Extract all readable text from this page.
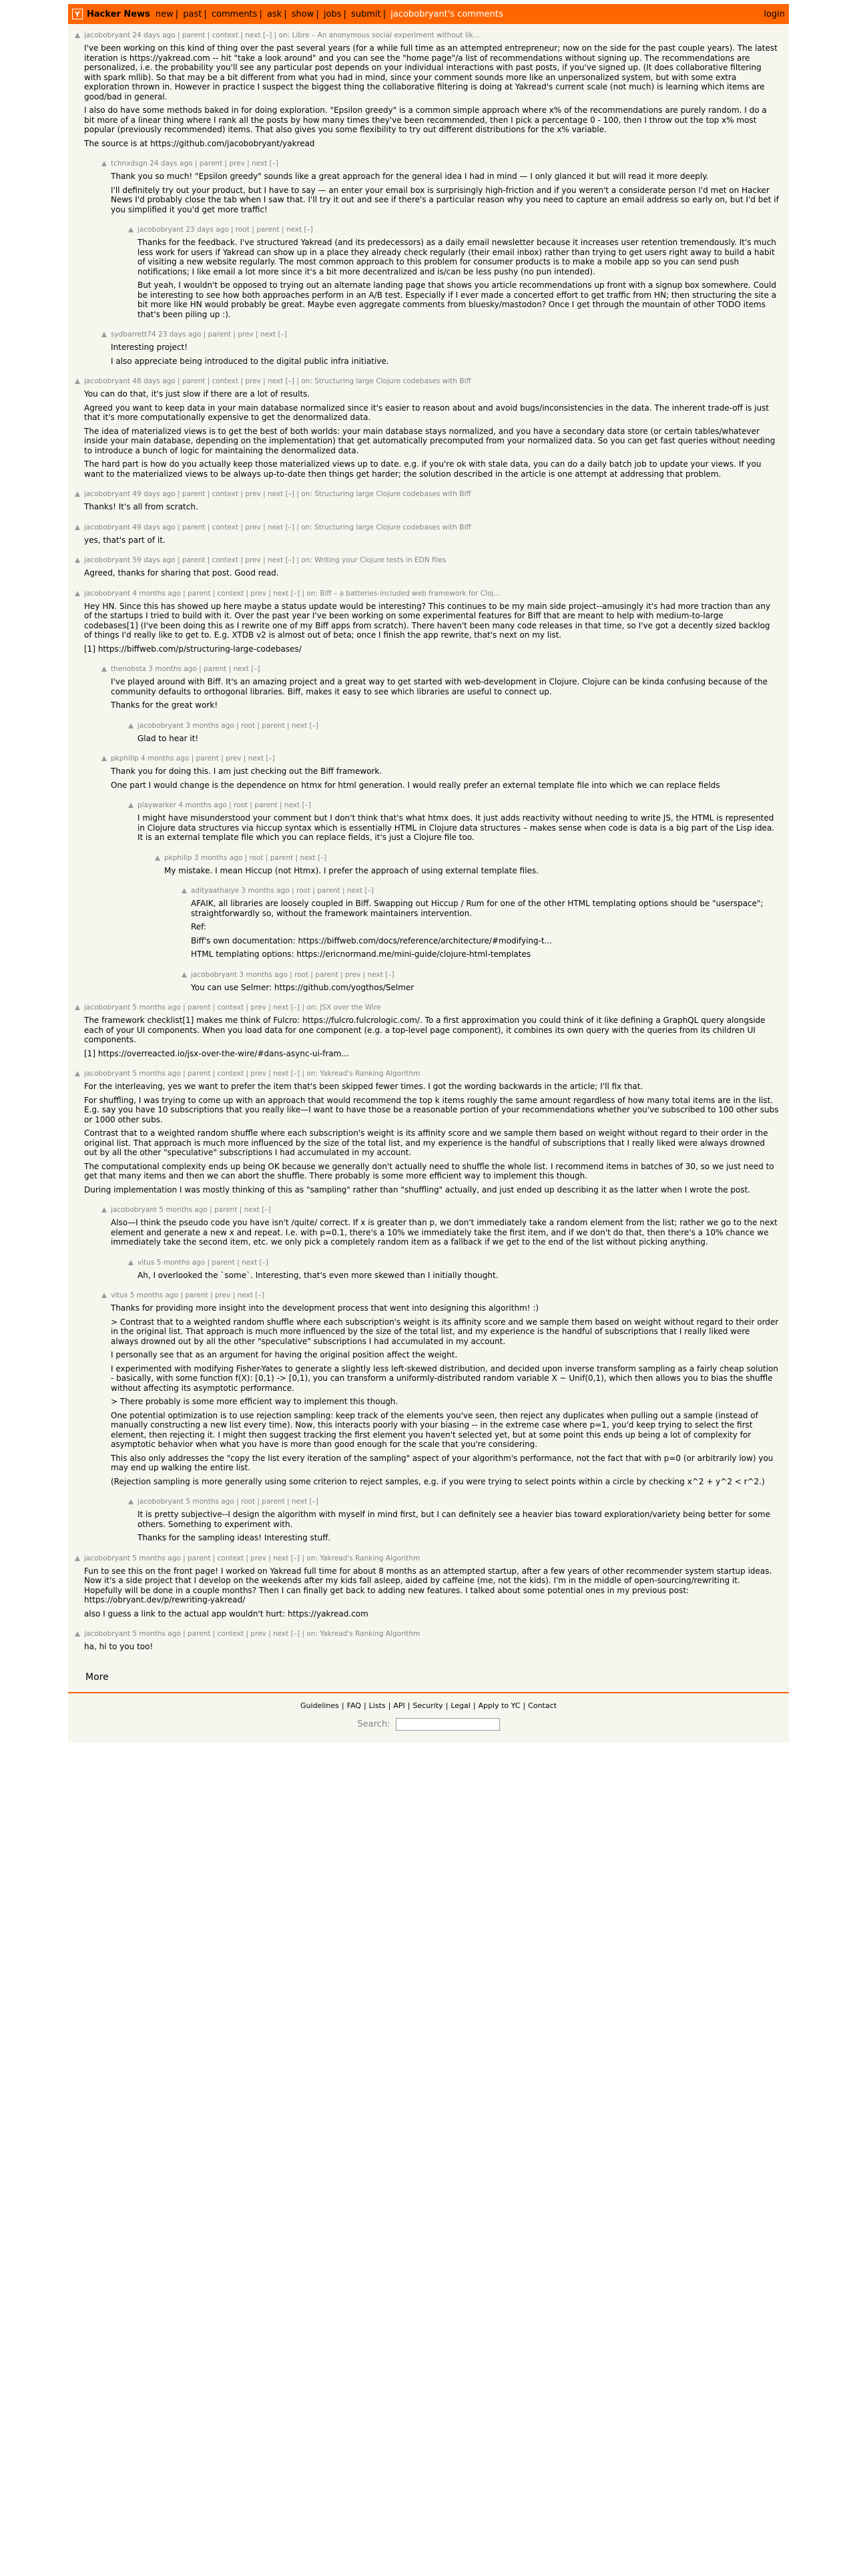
Y Hacker News new | past | comments | ask | show | jobs | submit | jacobobryant's comments	login
jacobobryant 24 days ago | parent | context | next [–] | on: Libre – An anonymous social experiment without lik...

I've been working on this kind of thing over the past several years (for a while full time as an attempted entrepreneur; now on the side for the past couple years). The latest iteration is https://yakread.com -- hit "take a look around" and you can see the "home page"/a list of recommendations without signing up. The recommendations are personalized, i.e. the probability you'll see any particular post depends on your individual interactions with past posts, if you've signed up. (It does collaborative filtering with spark mllib). So that may be a bit different from what you had in mind, since your comment sounds more like an unpersonalized system, but with some extra exploration thrown in. However in practice I suspect the biggest thing the collaborative filtering is doing at Yakread's current scale (not much) is learning which items are good/bad in general.

I also do have some methods baked in for doing exploration. "Epsilon greedy" is a common simple approach where x% of the recommendations are purely random. I do a bit more of a linear thing where I rank all the posts by how many times they've been recommended, then I pick a percentage 0 - 100, then I throw out the top x% most popular (previously recommended) items. That also gives you some flexibility to try out different distributions for the x% variable.

The source is at https://github.com/jacobobryant/yakread

tchnxdsgn 24 days ago | parent | prev | next [–]

Thank you so much! "Epsilon greedy" sounds like a great approach for the general idea I had in mind — I only glanced it but will read it more deeply.

I'll definitely try out your product, but I have to say — an enter your email box is surprisingly high-friction and if you weren't a considerate person I'd met on Hacker News I'd probably close the tab when I saw that. I'll try it out and see if there's a particular reason why you need to capture an email address so early on, but I'd bet if you simplified it you'd get more traffic!

jacobobryant 23 days ago | root | parent | next [–]

Thanks for the feedback. I've structured Yakread (and its predecessors) as a daily email newsletter because it increases user retention tremendously. It's much less work for users if Yakread can show up in a place they already check regularly (their email inbox) rather than trying to get users right away to build a habit of visiting a new website regularly. The most common approach to this problem for consumer products is to make a mobile app so you can send push notifications; I like email a lot more since it's a bit more decentralized and is/can be less pushy (no pun intended).

But yeah, I wouldn't be opposed to trying out an alternate landing page that shows you article recommendations up front with a signup box somewhere. Could be interesting to see how both approaches perform in an A/B test. Especially if I ever made a concerted effort to get traffic from HN; then structuring the site a bit more like HN would probably be great. Maybe even aggregate comments from bluesky/mastodon? Once I get through the mountain of other TODO items that's been piling up :).

sydbarrett74 23 days ago | parent | prev | next [–]

Interesting project!

I also appreciate being introduced to the digital public infra initiative.

jacobobryant 48 days ago | parent | context | prev | next [–] | on: Structuring large Clojure codebases with Biff

You can do that, it's just slow if there are a lot of results.

Agreed you want to keep data in your main database normalized since it's easier to reason about and avoid bugs/inconsistencies in the data. The inherent trade-off is just that it's more computationally expensive to get the denormalized data.

The idea of materialized views is to get the best of both worlds: your main database stays normalized, and you have a secondary data store (or certain tables/whatever inside your main database, depending on the implementation) that get automatically precomputed from your normalized data. So you can get fast queries without needing to introduce a bunch of logic for maintaining the denormalized data.

The hard part is how do you actually keep those materialized views up to date. e.g. if you're ok with stale data, you can do a daily batch job to update your views. If you want to the materialized views to be always up-to-date then things get harder; the solution described in the article is one attempt at addressing that problem.

jacobobryant 49 days ago | parent | context | prev | next [–] | on: Structuring large Clojure codebases with Biff

Thanks! It's all from scratch.

jacobobryant 49 days ago | parent | context | prev | next [–] | on: Structuring large Clojure codebases with Biff

yes, that's part of it.

jacobobryant 59 days ago | parent | context | prev | next [–] | on: Writing your Clojure tests in EDN files

Agreed, thanks for sharing that post. Good read.

jacobobryant 4 months ago | parent | context | prev | next [–] | on: Biff – a batteries-included web framework for Cloj...

Hey HN. Since this has showed up here maybe a status update would be interesting? This continues to be my main side project--amusingly it's had more traction than any of the startups I tried to build with it. Over the past year I've been working on some experimental features for Biff that are meant to help with medium-to-large codebases[1] (I've been doing this as I rewrite one of my Biff apps from scratch). There haven't been many code releases in that time, so I've got a decently sized backlog of things I'd really like to get to. E.g. XTDB v2 is almost out of beta; once I finish the app rewrite, that's next on my list.

[1] https://biffweb.com/p/structuring-large-codebases/

thenobsta 3 months ago | parent | next [–]

I've played around with Biff. It's an amazing project and a great way to get started with web-development in Clojure. Clojure can be kinda confusing because of the community defaults to orthogonal libraries. Biff, makes it easy to see which libraries are useful to connect up.

Thanks for the great work!

jacobobryant 3 months ago | root | parent | next [–]

Glad to hear it!

pkphilip 4 months ago | parent | prev | next [–]

Thank you for doing this. I am just checking out the Biff framework.

One part I would change is the dependence on htmx for html generation. I would really prefer an external template file into which we can replace fields

playwarker 4 months ago | root | parent | next [–]

I might have misunderstood your comment but I don't think that's what htmx does. It just adds reactivity without needing to write JS, the HTML is represented in Clojure data structures via hiccup syntax which is essentially HTML in Clojure data structures – makes sense when code is data is a big part of the Lisp idea. It is an external template file which you can replace fields, it's just a Clojure file too.

pkphilip 3 months ago | root | parent | next [–]

My mistake. I mean Hiccup (not Htmx). I prefer the approach of using external template files.

adityaathalye 3 months ago | root | parent | next [–]

AFAIK, all libraries are loosely coupled in Biff. Swapping out Hiccup / Rum for one of the other HTML templating options should be "userspace"; straightforwardly so, without the framework maintainers intervention.

Ref:

Biff's own documentation: https://biffweb.com/docs/reference/architecture/#modifying-t...

HTML templating options: https://ericnormand.me/mini-guide/clojure-html-templates

jacobobryant 3 months ago | root | parent | prev | next [–]

You can use Selmer: https://github.com/yogthos/Selmer

jacobobryant 5 months ago | parent | context | prev | next [–] | on: JSX over the Wire

The framework checklist[1] makes me think of Fulcro: https://fulcro.fulcrologic.com/. To a first approximation you could think of it like defining a GraphQL query alongside each of your UI components. When you load data for one component (e.g. a top-level page component), it combines its own query with the queries from its children UI components.

[1] https://overreacted.io/jsx-over-the-wire/#dans-async-ui-fram...

jacobobryant 5 months ago | parent | context | prev | next [–] | on: Yakread's Ranking Algorithm

For the interleaving, yes we want to prefer the item that's been skipped fewer times. I got the wording backwards in the article; I'll fix that.

For shuffling, I was trying to come up with an approach that would recommend the top k items roughly the same amount regardless of how many total items are in the list. E.g. say you have 10 subscriptions that you really like—I want to have those be a reasonable portion of your recommendations whether you've subscribed to 100 other subs or 1000 other subs.

Contrast that to a weighted random shuffle where each subscription's weight is its affinity score and we sample them based on weight without regard to their order in the original list. That approach is much more influenced by the size of the total list, and my experience is the handful of subscriptions that I really liked were always drowned out by all the other "speculative" subscriptions I had accumulated in my account.

The computational complexity ends up being OK because we generally don't actually need to shuffle the whole list. I recommend items in batches of 30, so we just need to get that many items and then we can abort the shuffle. There probably is some more efficient way to implement this though.

During implementation I was mostly thinking of this as "sampling" rather than "shuffling" actually, and just ended up describing it as the latter when I wrote the post.

jacobobryant 5 months ago | parent | next [–]

Also—I think the pseudo code you have isn't /quite/ correct. If x is greater than p, we don't immediately take a random element from the list; rather we go to the next element and generate a new x and repeat. I.e. with p=0.1, there's a 10% we immediately take the first item, and if we don't do that, then there's a 10% chance we immediately take the second item, etc. we only pick a completely random item as a fallback if we get to the end of the list without picking anything.

vitus 5 months ago | parent | next [–]

Ah, I overlooked the `some`. Interesting, that's even more skewed than I initially thought.

vitus 5 months ago | parent | prev | next [–]

Thanks for providing more insight into the development process that went into designing this algorithm! :)

> Contrast that to a weighted random shuffle where each subscription's weight is its affinity score and we sample them based on weight without regard to their order in the original list. That approach is much more influenced by the size of the total list, and my experience is the handful of subscriptions that I really liked were always drowned out by all the other "speculative" subscriptions I had accumulated in my account.

I personally see that as an argument for having the original position affect the weight.

I experimented with modifying Fisher-Yates to generate a slightly less left-skewed distribution, and decided upon inverse transform sampling as a fairly cheap solution - basically, with some function f(X): [0,1) -> [0,1), you can transform a uniformly-distributed random variable X ~ Unif(0,1), which then allows you to bias the shuffle without affecting its asymptotic performance.

> There probably is some more efficient way to implement this though.

One potential optimization is to use rejection sampling: keep track of the elements you've seen, then reject any duplicates when pulling out a sample (instead of manually constructing a new list every time). Now, this interacts poorly with your biasing -- in the extreme case where p=1, you'd keep trying to select the first element, then rejecting it. I might then suggest tracking the first element you haven't selected yet, but at some point this ends up being a lot of complexity for asymptotic behavior when what you have is more than good enough for the scale that you're considering.

This also only addresses the "copy the list every iteration of the sampling" aspect of your algorithm's performance, not the fact that with p=0 (or arbitrarily low) you may end up walking the entire list.

(Rejection sampling is more generally using some criterion to reject samples, e.g. if you were trying to select points within a circle by checking x^2 + y^2 < r^2.)

jacobobryant 5 months ago | root | parent | next [–]

It is pretty subjective--I design the algorithm with myself in mind first, but I can definitely see a heavier bias toward exploration/variety being better for some others. Something to experiment with.

Thanks for the sampling ideas! Interesting stuff.

jacobobryant 5 months ago | parent | context | prev | next [–] | on: Yakread's Ranking Algorithm

Fun to see this on the front page! I worked on Yakread full time for about 8 months as an attempted startup, after a few years of other recommender system startup ideas. Now it's a side project that I develop on the weekends after my kids fall asleep, aided by caffeine (me, not the kids). I'm in the middle of open-sourcing/rewriting it. Hopefully will be done in a couple months? Then I can finally get back to adding new features. I talked about some potential ones in my previous post: https://obryant.dev/p/rewriting-yakread/

also I guess a link to the actual app wouldn't hurt: https://yakread.com

jacobobryant 5 months ago | parent | context | prev | next [–] | on: Yakread's Ranking Algorithm

ha, hi to you too!

More
Guidelines | FAQ | Lists | API | Security | Legal | Apply to YC | Contact
Search:
